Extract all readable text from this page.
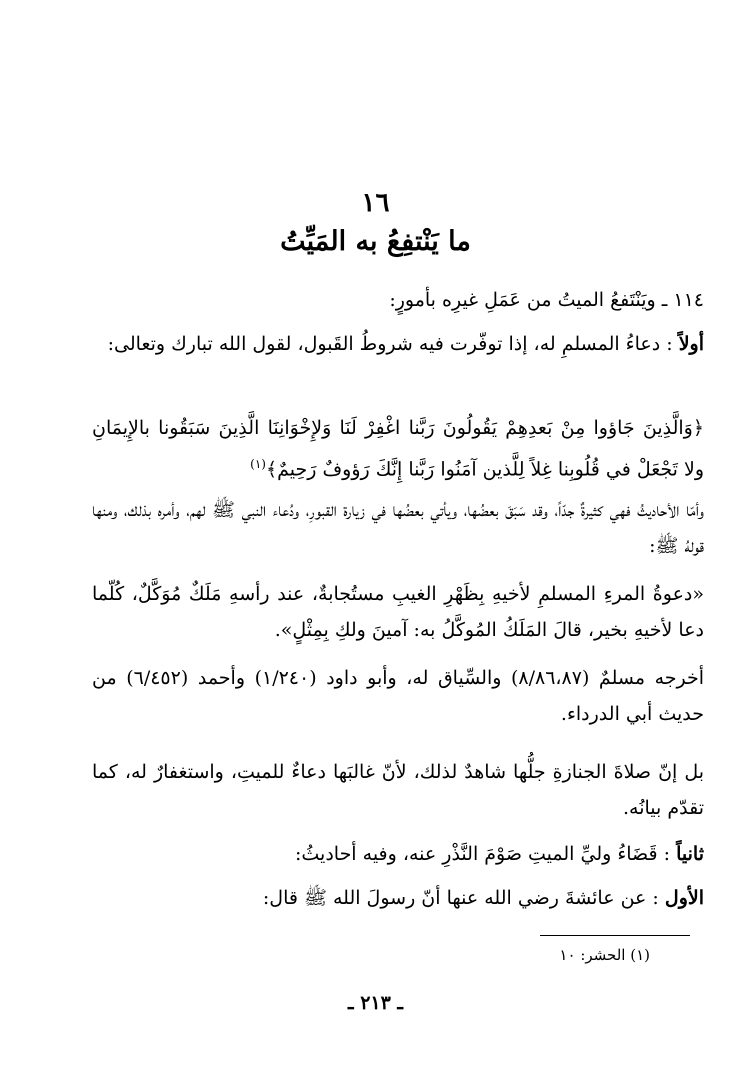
١٦
ما يَنْتفِعُ به المَيِّتُ

١١٤ ـ ويَنْتَفعُ الميتُ من عَمَلِ غيرِه بأمورٍ:

أولاً : دعاءُ المسلمِ له، إذا توفّرت فيه شروطُ القَبول، لقول الله تبارك وتعالى:

﴿وَالَّذِينَ جَاؤوا مِنْ بَعدِهِمْ يَقُولُونَ رَبَّنا اغْفِرْ لَنَا وَلإِخْوَانِنَا الَّذِينَ سَبَقُونا بالإِيمَانِ ولا تَجْعَلْ في قُلُوبِنا غِلاً لِلَّذين آمَنُوا رَبَّنا إِنَّكَ رَؤوفٌ رَحِيمٌ﴾$^{(١)}$

وأمّا الأحاديثُ فهي كثيرةٌ جدّاً، وقد سَبَقَ بعضُها، ويأتي بعضُها في زيارة القبورِ، ودُعاء النبي ﷺ لهم، وأمره بذلك، ومنها قولهُ ﷺ:

«دعوةُ المرءِ المسلمِ لأخيهِ بِظَهْرِ الغيبِ مستُجابةٌ، عند رأسهِ مَلَكٌ مُوَكَّلٌ، كُلّما دعا لأخيهِ بخير، قالَ المَلَكُ المُوكَّلُ به: آمينَ ولكِ بِمِثْلٍ».

أخرجه مسلمٌ (٨/٨٦،٨٧) والسِّياق له، وأبو داود (١/٢٤٠) وأحمد (٦/٤٥٢) من حديث أبي الدرداء.

بل إنّ صلاةَ الجنازةِ جلُّها شاهدٌ لذلك، لأنّ غالبَها دعاءٌ للميتِ، واستغفارٌ له، كما تقدّم بيانُه.

ثانياً : قَضَاءُ وليِّ الميتِ صَوْمَ النَّذْرِ عنه، وفيه أحاديثُ:

الأول : عن عائشةَ رضي الله عنها أنّ رسولَ الله ﷺ قال:

(١) الحشر: ١٠
ـ ٢١٣ ـ
